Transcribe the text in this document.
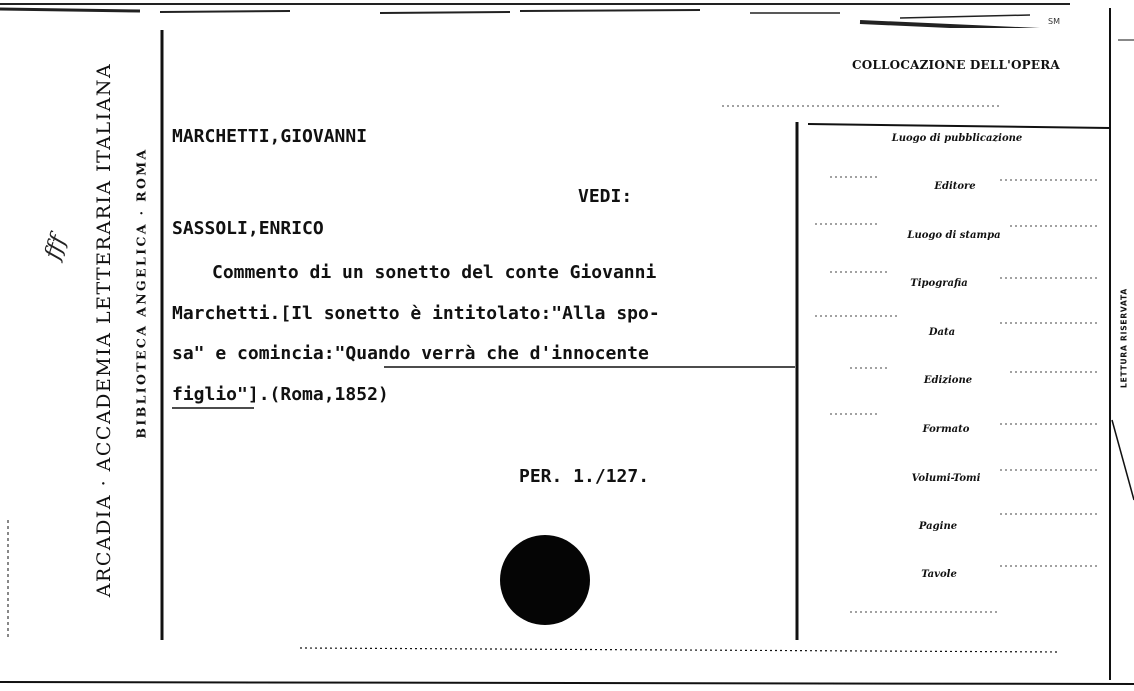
SM
ARCADIA · ACCADEMIA LETTERARIA ITALIANA BIBLIOTECA ANGELICA · ROMA	LETTURA RISERVATA
fff
COLLOCAZIONE DELL'OPERA
MARCHETTI,GIOVANNI
VEDI:
SASSOLI,ENRICO
Commento di un sonetto del conte Giovanni
Marchetti.[Il sonetto è intitolato:"Alla spo-
sa" e comincia:"Quando verrà che d'innocente
figlio"].(Roma,1852)
PER. 1./127.
Luogo di pubblicazione
Editore
Luogo di stampa
Tipografia
Data
Edizione
Formato
Volumi-Tomi
Pagine
Tavole
